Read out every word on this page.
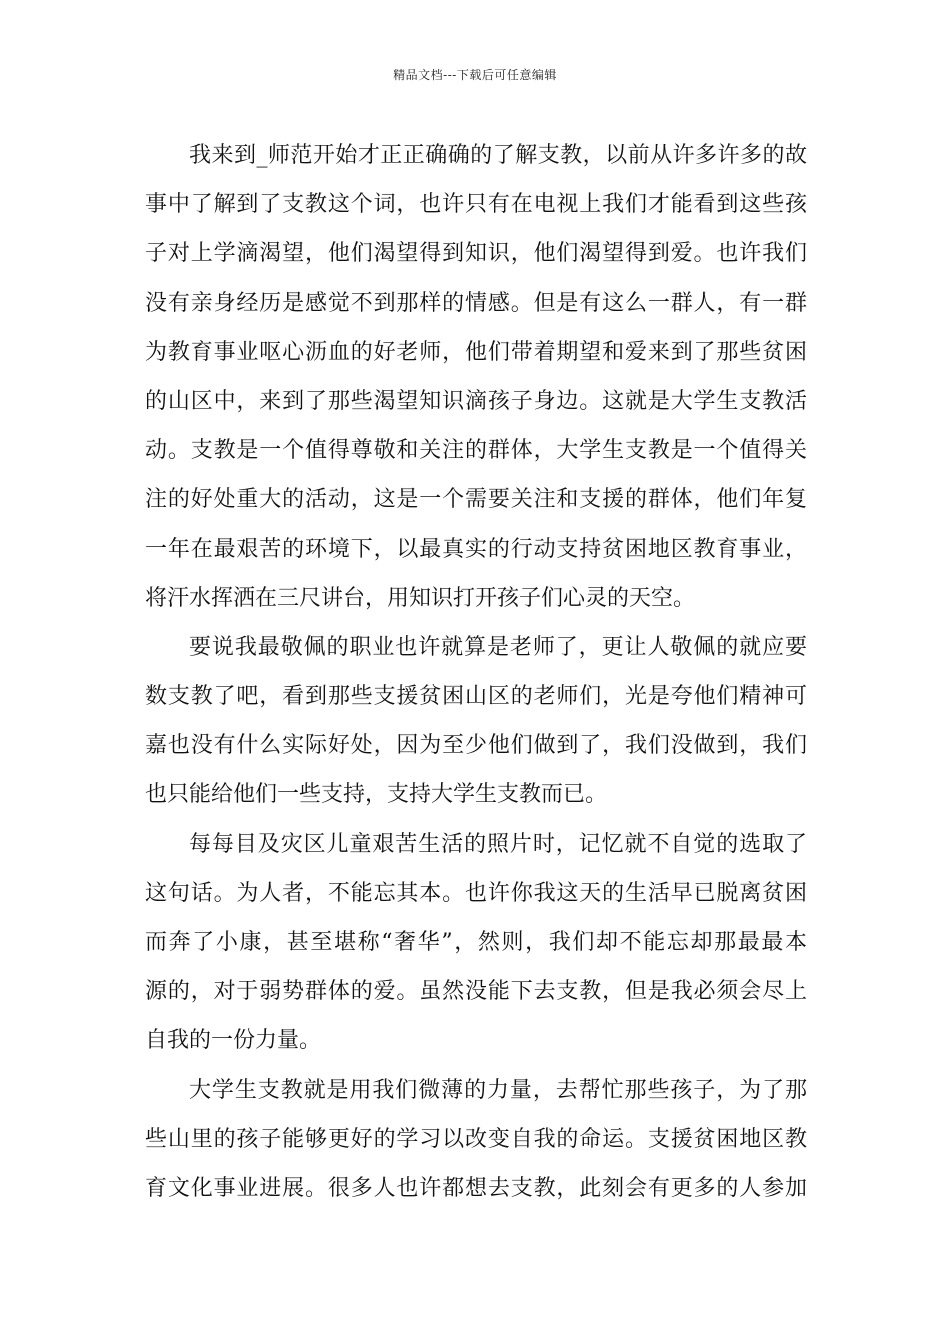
精品文档---下载后可任意编辑
我来到_师范开始才正正确确的了解支教，以前从许多许多的故
事中了解到了支教这个词，也许只有在电视上我们才能看到这些孩
子对上学滴渴望，他们渴望得到知识，他们渴望得到爱。也许我们
没有亲身经历是感觉不到那样的情感。但是有这么一群人，有一群
为教育事业呕心沥血的好老师，他们带着期望和爱来到了那些贫困
的山区中，来到了那些渴望知识滴孩子身边。这就是大学生支教活
动。支教是一个值得尊敬和关注的群体，大学生支教是一个值得关
注的好处重大的活动，这是一个需要关注和支援的群体，他们年复
一年在最艰苦的环境下，以最真实的行动支持贫困地区教育事业，
将汗水挥洒在三尺讲台，用知识打开孩子们心灵的天空。
要说我最敬佩的职业也许就算是老师了，更让人敬佩的就应要
数支教了吧，看到那些支援贫困山区的老师们，光是夸他们精神可
嘉也没有什么实际好处，因为至少他们做到了，我们没做到，我们
也只能给他们一些支持，支持大学生支教而已。
每每目及灾区儿童艰苦生活的照片时，记忆就不自觉的选取了
这句话。为人者，不能忘其本。也许你我这天的生活早已脱离贫困
而奔了小康，甚至堪称“奢华”，然则，我们却不能忘却那最最本
源的，对于弱势群体的爱。虽然没能下去支教，但是我必须会尽上
自我的一份力量。
大学生支教就是用我们微薄的力量，去帮忙那些孩子，为了那
些山里的孩子能够更好的学习以改变自我的命运。支援贫困地区教
育文化事业进展。很多人也许都想去支教，此刻会有更多的人参加
